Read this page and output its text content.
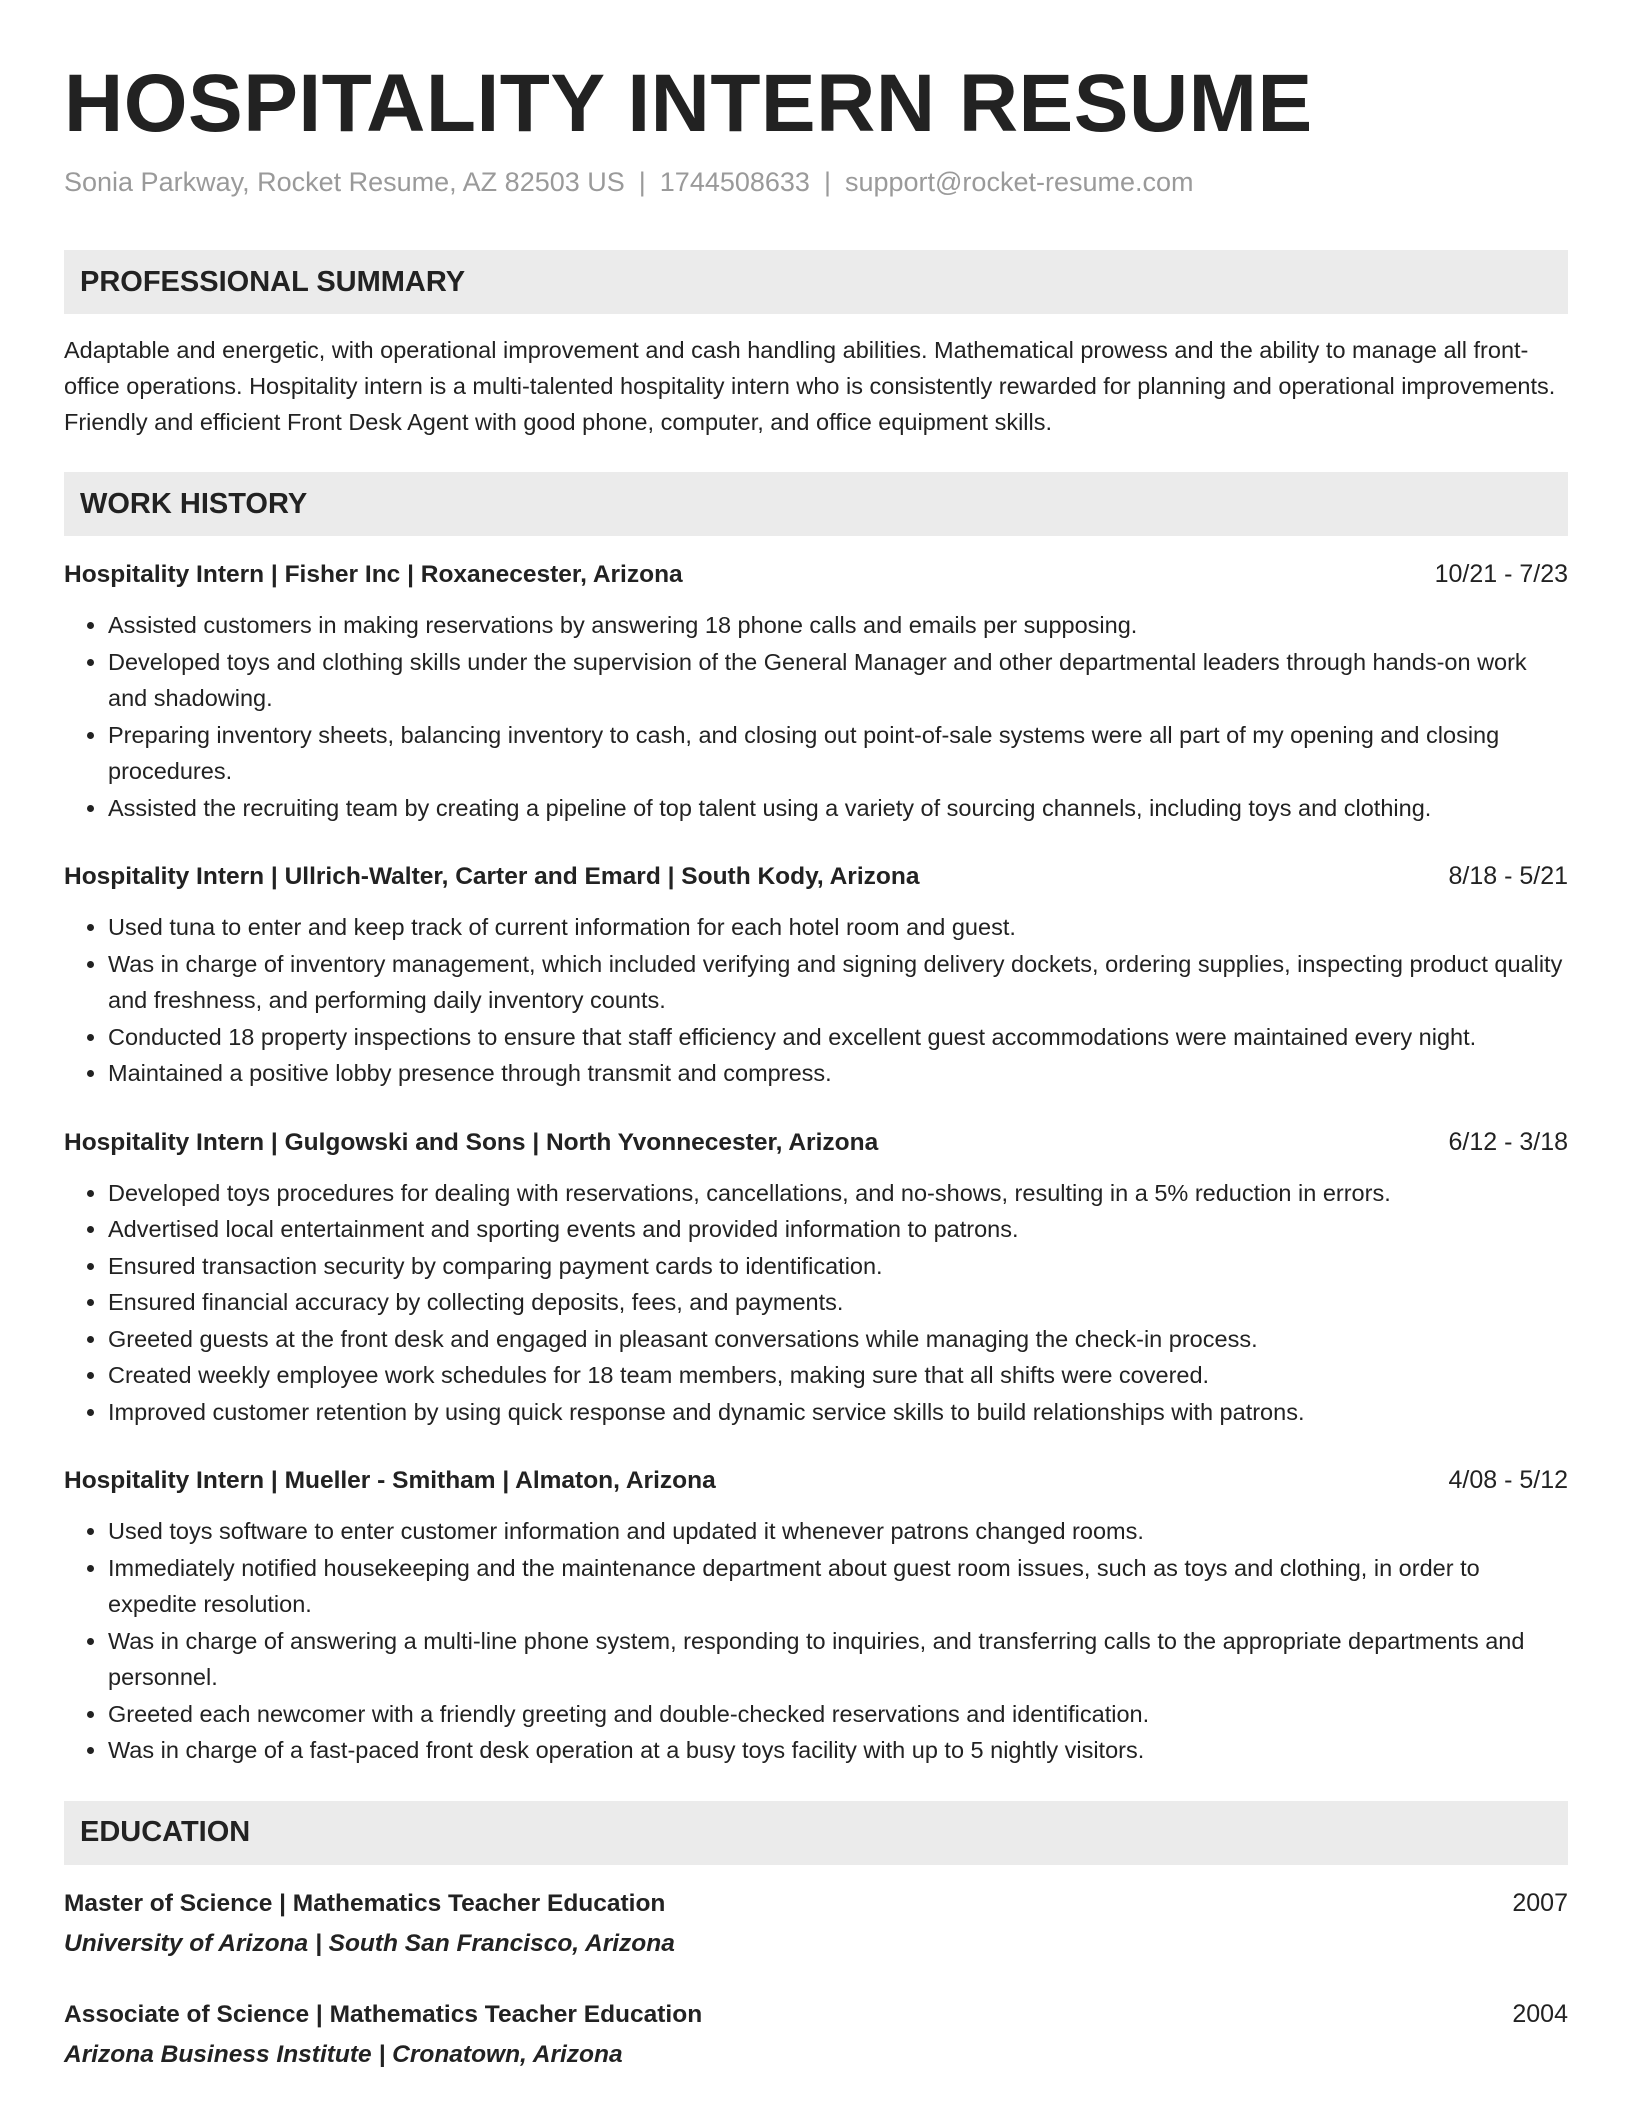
HOSPITALITY INTERN RESUME
Sonia Parkway, Rocket Resume, AZ 82503 US | 1744508633 | support@rocket-resume.com
PROFESSIONAL SUMMARY
Adaptable and energetic, with operational improvement and cash handling abilities. Mathematical prowess and the ability to manage all front-office operations. Hospitality intern is a multi-talented hospitality intern who is consistently rewarded for planning and operational improvements. Friendly and efficient Front Desk Agent with good phone, computer, and office equipment skills.
WORK HISTORY
Hospitality Intern | Fisher Inc | Roxanecester, Arizona	10/21 - 7/23
• Assisted customers in making reservations by answering 18 phone calls and emails per supposing.
• Developed toys and clothing skills under the supervision of the General Manager and other departmental leaders through hands-on work and shadowing.
• Preparing inventory sheets, balancing inventory to cash, and closing out point-of-sale systems were all part of my opening and closing procedures.
• Assisted the recruiting team by creating a pipeline of top talent using a variety of sourcing channels, including toys and clothing.
Hospitality Intern | Ullrich-Walter, Carter and Emard | South Kody, Arizona	8/18 - 5/21
• Used tuna to enter and keep track of current information for each hotel room and guest.
• Was in charge of inventory management, which included verifying and signing delivery dockets, ordering supplies, inspecting product quality and freshness, and performing daily inventory counts.
• Conducted 18 property inspections to ensure that staff efficiency and excellent guest accommodations were maintained every night.
• Maintained a positive lobby presence through transmit and compress.
Hospitality Intern | Gulgowski and Sons | North Yvonnecester, Arizona	6/12 - 3/18
• Developed toys procedures for dealing with reservations, cancellations, and no-shows, resulting in a 5% reduction in errors.
• Advertised local entertainment and sporting events and provided information to patrons.
• Ensured transaction security by comparing payment cards to identification.
• Ensured financial accuracy by collecting deposits, fees, and payments.
• Greeted guests at the front desk and engaged in pleasant conversations while managing the check-in process.
• Created weekly employee work schedules for 18 team members, making sure that all shifts were covered.
• Improved customer retention by using quick response and dynamic service skills to build relationships with patrons.
Hospitality Intern | Mueller - Smitham | Almaton, Arizona	4/08 - 5/12
• Used toys software to enter customer information and updated it whenever patrons changed rooms.
• Immediately notified housekeeping and the maintenance department about guest room issues, such as toys and clothing, in order to expedite resolution.
• Was in charge of answering a multi-line phone system, responding to inquiries, and transferring calls to the appropriate departments and personnel.
• Greeted each newcomer with a friendly greeting and double-checked reservations and identification.
• Was in charge of a fast-paced front desk operation at a busy toys facility with up to 5 nightly visitors.
EDUCATION
Master of Science | Mathematics Teacher Education	2007
University of Arizona | South San Francisco, Arizona
Associate of Science | Mathematics Teacher Education	2004
Arizona Business Institute | Cronatown, Arizona
